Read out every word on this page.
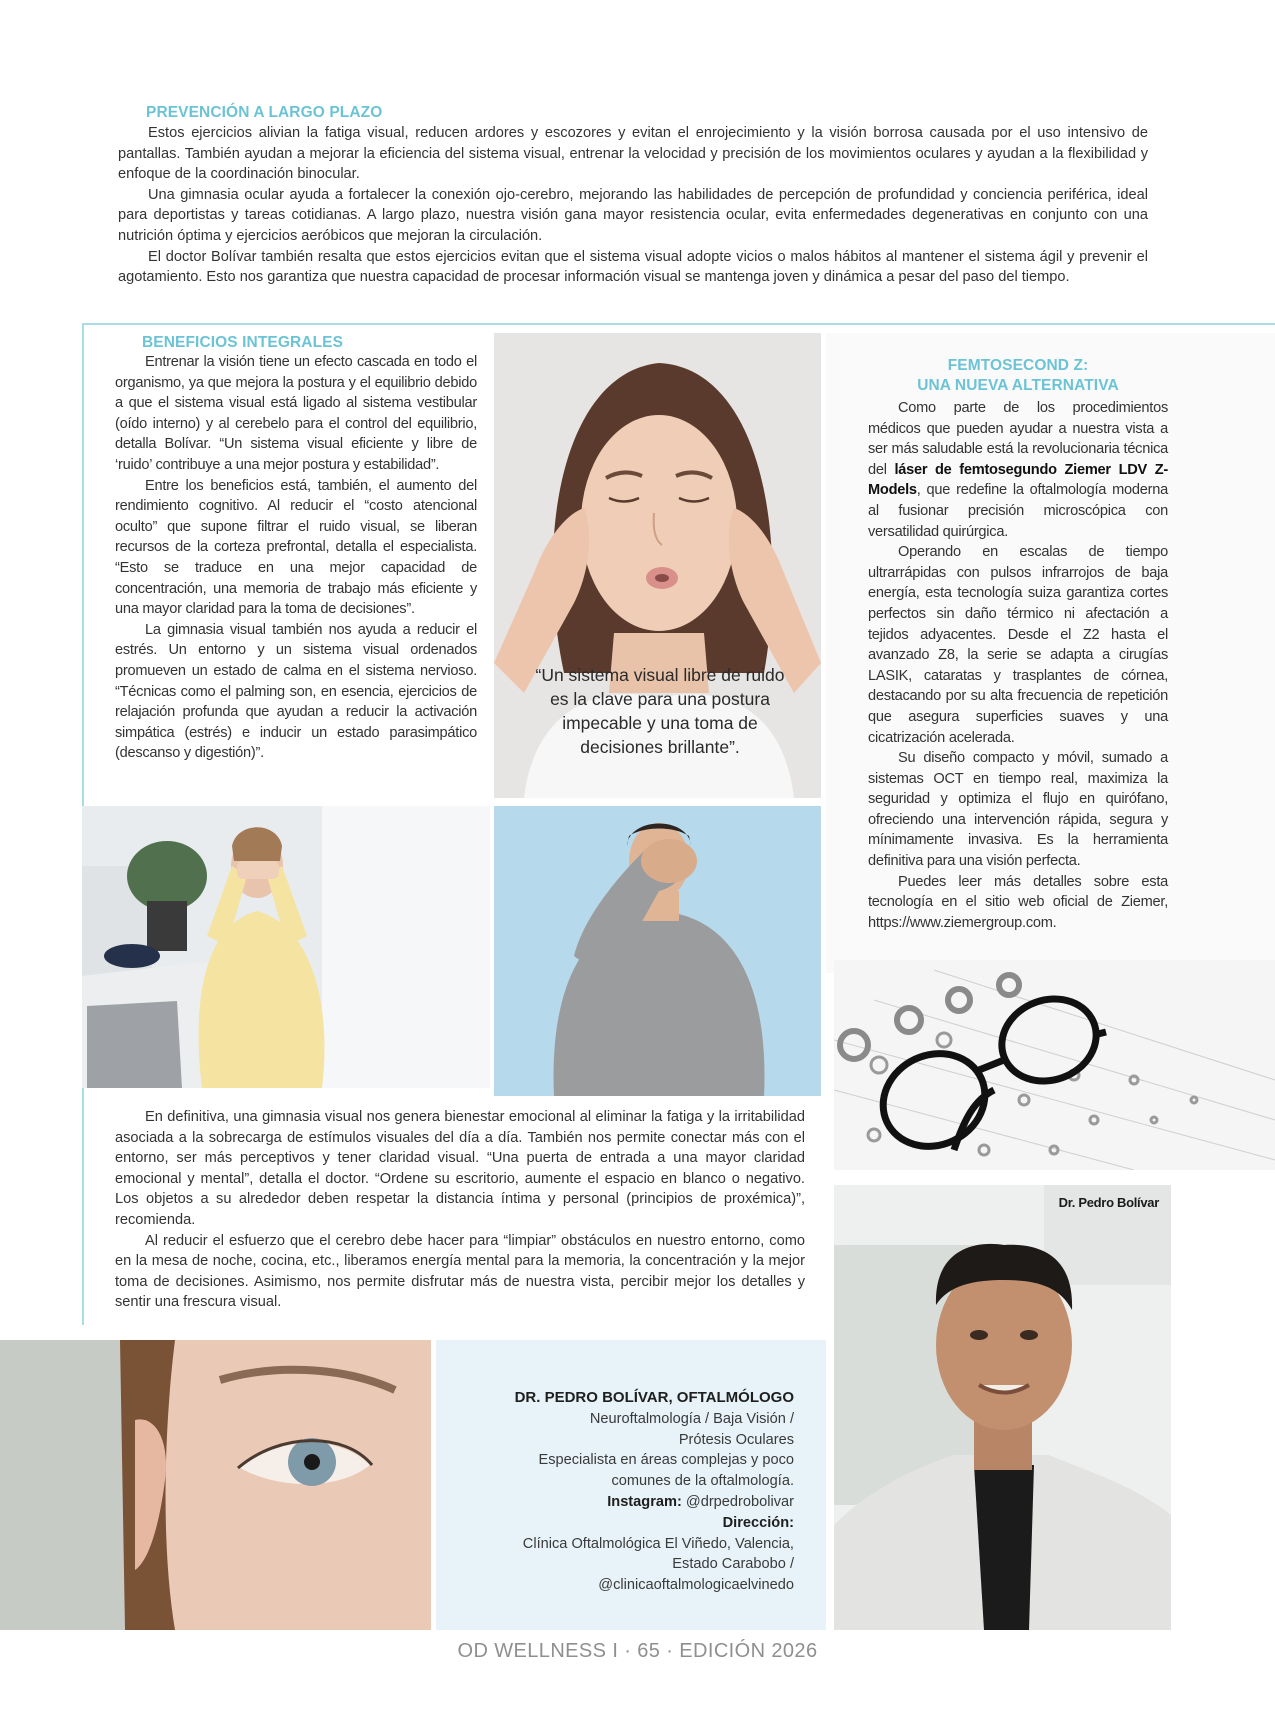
PREVENCIÓN A LARGO PLAZO

Estos ejercicios alivian la fatiga visual, reducen ardores y escozores y evitan el enrojecimiento y la visión borrosa causada por el uso intensivo de pantallas. También ayudan a mejorar la eficiencia del sistema visual, entrenar la velocidad y precisión de los movimientos oculares y ayudan a la flexibilidad y enfoque de la coordinación binocular.

Una gimnasia ocular ayuda a fortalecer la conexión ojo-cerebro, mejorando las habilidades de percepción de profundidad y conciencia periférica, ideal para deportistas y tareas cotidianas. A largo plazo, nuestra visión gana mayor resistencia ocular, evita enfermedades degenerativas en conjunto con una nutrición óptima y ejercicios aeróbicos que mejoran la circulación.

El doctor Bolívar también resalta que estos ejercicios evitan que el sistema visual adopte vicios o malos hábitos al mantener el sistema ágil y prevenir el agotamiento. Esto nos garantiza que nuestra capacidad de procesar información visual se mantenga joven y dinámica a pesar del paso del tiempo.

BENEFICIOS INTEGRALES

Entrenar la visión tiene un efecto cascada en todo el organismo, ya que mejora la postura y el equilibrio debido a que el sistema visual está ligado al sistema vestibular (oído interno) y al cerebelo para el control del equilibrio, detalla Bolívar. “Un sistema visual eficiente y libre de ‘ruido’ contribuye a una mejor postura y estabilidad”.

Entre los beneficios está, también, el aumento del rendimiento cognitivo. Al reducir el “costo atencional oculto” que supone filtrar el ruido visual, se liberan recursos de la corteza prefrontal, detalla el especialista. “Esto se traduce en una mejor capacidad de concentración, una memoria de trabajo más eficiente y una mayor claridad para la toma de decisiones”.

La gimnasia visual también nos ayuda a reducir el estrés. Un entorno y un sistema visual ordenados promueven un estado de calma en el sistema nervioso. “Técnicas como el palming son, en esencia, ejercicios de relajación profunda que ayudan a reducir la activación simpática (estrés) e inducir un estado parasimpático (descanso y digestión)”.

“Un sistema visual libre de ruido es la clave para una postura impecable y una toma de decisiones brillante”.
FEMTOSECOND Z:
UNA NUEVA ALTERNATIVA

Como parte de los procedimientos médicos que pueden ayudar a nuestra vista a ser más saludable está la revolucionaria técnica del láser de femtosegundo Ziemer LDV Z-Models, que redefine la oftalmología moderna al fusionar precisión microscópica con versatilidad quirúrgica.

Operando en escalas de tiempo ultrarrápidas con pulsos infrarrojos de baja energía, esta tecnología suiza garantiza cortes perfectos sin daño térmico ni afectación a tejidos adyacentes. Desde el Z2 hasta el avanzado Z8, la serie se adapta a cirugías LASIK, cataratas y trasplantes de córnea, destacando por su alta frecuencia de repetición que asegura superficies suaves y una cicatrización acelerada.

Su diseño compacto y móvil, sumado a sistemas OCT en tiempo real, maximiza la seguridad y optimiza el flujo en quirófano, ofreciendo una intervención rápida, segura y mínimamente invasiva. Es la herramienta definitiva para una visión perfecta.

Puedes leer más detalles sobre esta tecnología en el sitio web oficial de Ziemer, https://www.ziemergroup.com.

En definitiva, una gimnasia visual nos genera bienestar emocional al eliminar la fatiga y la irritabilidad asociada a la sobrecarga de estímulos visuales del día a día. También nos permite conectar más con el entorno, ser más perceptivos y tener claridad visual. “Una puerta de entrada a una mayor claridad emocional y mental”, detalla el doctor. “Ordene su escritorio, aumente el espacio en blanco o negativo. Los objetos a su alrededor deben respetar la distancia íntima y personal (principios de proxémica)”, recomienda.

Al reducir el esfuerzo que el cerebro debe hacer para “limpiar” obstáculos en nuestro entorno, como en la mesa de noche, cocina, etc., liberamos energía mental para la memoria, la concentración y la mejor toma de decisiones. Asimismo, nos permite disfrutar más de nuestra vista, percibir mejor los detalles y sentir una frescura visual.

Dr. Pedro Bolívar
DR. PEDRO BOLÍVAR, OFTALMÓLOGO
Neuroftalmología / Baja Visión /
Prótesis Oculares
Especialista en áreas complejas y poco
comunes de la oftalmología.
Instagram: @drpedrobolivar
Dirección:
Clínica Oftalmológica El Viñedo, Valencia,
Estado Carabobo /
@clinicaoftalmologicaelvinedo
OD WELLNESS I · 65 · EDICIÓN 2026
